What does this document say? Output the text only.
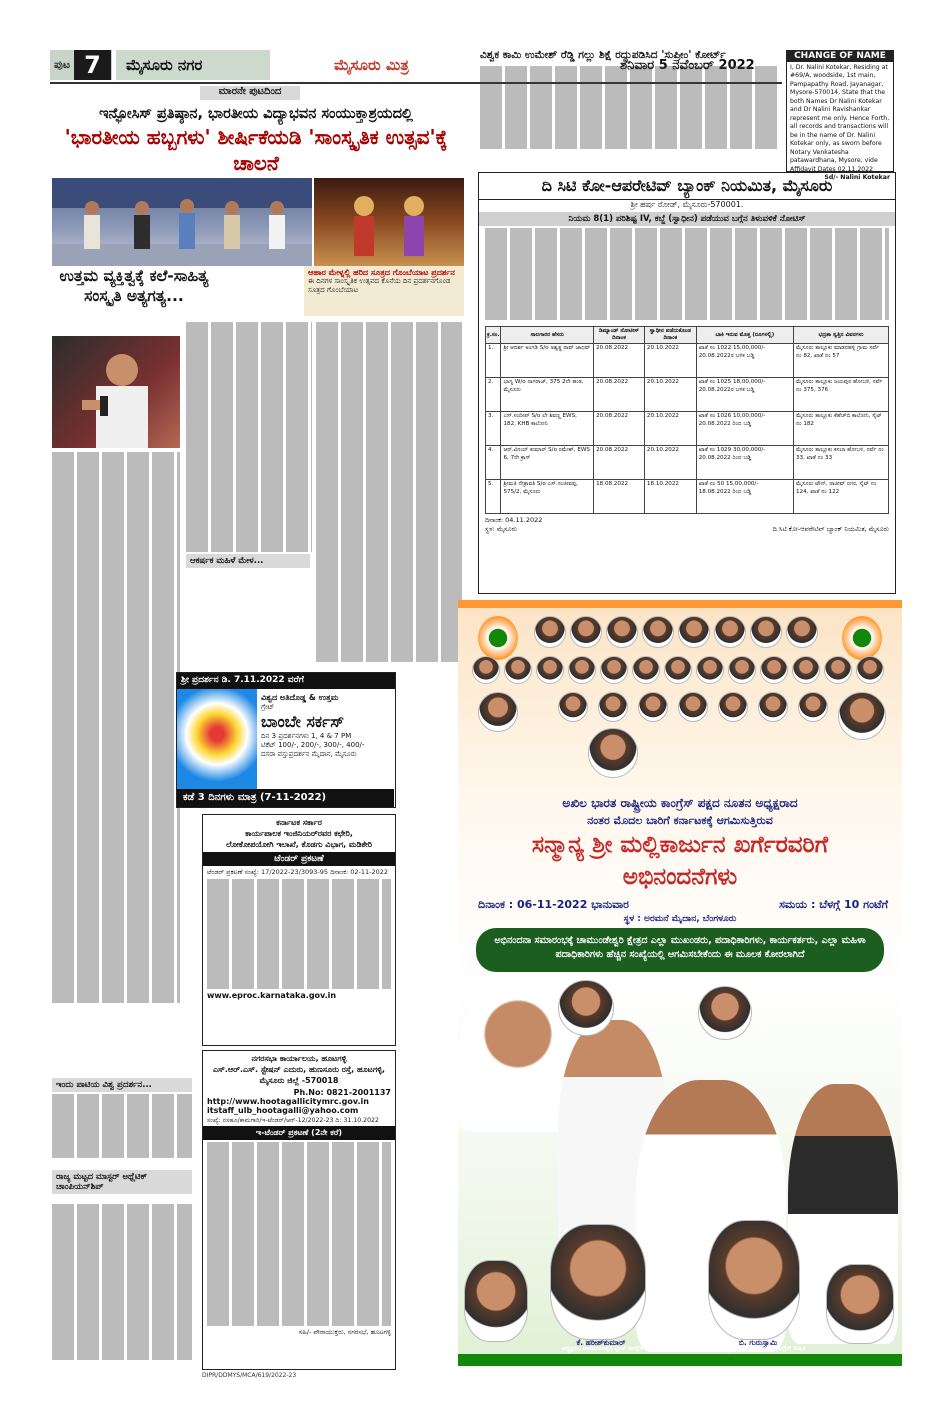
ಪುಟ 7	ಮೈಸೂರು ನಗರ	ಮೈಸೂರು ಮಿತ್ರ	ಶನಿವಾರ 5 ನವೆಂಬರ್ 2022
CHANGE OF NAME
I, Dr. Nalini Kotekar, Residing at #69/A, woodside, 1st main, Pampapathy Road, Jayanagar, Mysore-570014, State that the both Names Dr Nalini Kotekar and Dr Nalini Ravishankar represent me only. Hence Forth, all records and transactions will be in the name of Dr. Nalini Kotekar only, as sworn before Notary Venkatesha patawardhana, Mysore, vide Affidavit Dates 02.11.2022
Sd/- Nalini Kotekar
ಮಾರನೇ ಪುಟದಿಂದ
ಇನ್ಫೋಸಿಸ್ ಪ್ರತಿಷ್ಠಾನ, ಭಾರತೀಯ ವಿದ್ಯಾಭವನ ಸಂಯುಕ್ತಾಶ್ರಯದಲ್ಲಿ
'ಭಾರತೀಯ ಹಬ್ಬಗಳು' ಶೀರ್ಷಿಕೆಯಡಿ 'ಸಾಂಸ್ಕೃತಿಕ ಉತ್ಸವ'ಕ್ಕೆ ಚಾಲನೆ
ಆಹಾರ ಮೇಳ್ನಲ್ಲಿ ಹರಿದ ಸೂತ್ರದ ಗೊಂಬೆಯಾಟ ಪ್ರದರ್ಶನ
ಈ ದಿನಗಳ ಸಾಂಸ್ಕೃತಿಕ ಉತ್ಸವದ ಕೊನೆಯ ದಿನ ಪ್ರದರ್ಶನಗೊಂಡ ಸೂತ್ರದ ಗೊಂಬೆಯಾಟ
ಉತ್ತಮ ವ್ಯಕ್ತಿತ್ವಕ್ಕೆ ಕಲೆ-ಸಾಹಿತ್ಯ ಸಂಸ್ಕೃತಿ ಅತ್ಯಗತ್ಯ...
ಆಕರ್ಷಕ ಮಹಿಳೆ ಮೇಳ...
ಇಂದು ಪಾಟಿಯ ವಿಶ್ವ ಪ್ರದರ್ಶನ...
ರಾಜ್ಯ ಮಟ್ಟದ ಮಾಸ್ಟರ್ ಅಥ್ಲೆಟಿಕ್ ಚಾಂಪಿಯನ್‌ಶಿಪ್
ಶ್ರೀ ಪ್ರದರ್ಶನ ಡಿ. 7.11.2022 ವರೆಗೆ
ವಿಶ್ವದ ಅತಿದೊಡ್ಡ & ಉತ್ತಮ
ಗ್ರೇಟ್
ಬಾಂಬೇ ಸರ್ಕಸ್
ದಿನ 3 ಪ್ರದರ್ಶನಗಳು 1, 4 & 7 PM
ಟಿಕೆಟ್ 100/-, 200/-, 300/-, 400/-
ದಸರಾ ವಸ್ತುಪ್ರದರ್ಶನ ಮೈದಾನ, ಮೈಸೂರು
ಕಡೆ 3 ದಿನಗಳು ಮಾತ್ರ (7-11-2022)
ಕರ್ನಾಟಕ ಸರ್ಕಾರ
ಕಾರ್ಯಪಾಲಕ ಇಂಜಿನಿಯರ್‌ರವರ ಕಛೇರಿ,
ಲೋಕೋಪಯೋಗಿ ಇಲಾಖೆ, ಕೊಡಗು ವಿಭಾಗ, ಮಡಿಕೇರಿ
ಟೆಂಡರ್ ಪ್ರಕಟಣೆ
ಟೆಂಡರ್ ಪ್ರಕಟಣೆ ಸಂಖ್ಯೆ: 17/2022-23/3093-95 ದಿನಾಂಕ: 02-11-2022
www.eproc.karnataka.gov.in
ನಗರಸಭಾ ಕಾರ್ಯಾಲಯ, ಹೂಟಗಳ್ಳಿ
ಎಸ್.ಆರ್.ಎಸ್. ಸ್ಟೇಷನ್ ಎದುರು, ಹುಣಸೂರು ರಸ್ತೆ, ಹೂಟಗಳ್ಳಿ, ಮೈಸೂರು ಜಿಲ್ಲೆ -570018
Ph.No: 0821-2001137
http://www.hootagallicitymrc.gov.in
itstaff_ulb_hootagalli@yahoo.com
ಸಂಖ್ಯೆ: ನಸಹೂ/ಕಾಮಗಾರಿ/ಇ-ಟೆಂಡರ್/ಆರ್-12/2022-23 ದಿ: 31.10.2022
ಇ-ಟೆಂಡರ್ ಪ್ರಕಟಣೆ (2ನೇ ಕರೆ)
ಸಹಿ/- ಪೌರಾಯುಕ್ತರು, ನಗರಸಭೆ, ಹೂಟಗಳ್ಳಿ
DIPR/DDMYS/MCA/619/2022-23
ವಿಶ್ವಕ ಕಾಮಿ ಉಮೇಶ್ ರೆಡ್ಡಿ ಗಲ್ಲು ಶಿಕ್ಷೆ ರದ್ದುಪಡಿಸಿದ 'ಸುಪ್ರೀಂ' ಕೋರ್ಟ್
ದಿ ಸಿಟಿ ಕೋ-ಆಪರೇಟಿವ್ ಬ್ಯಾಂಕ್ ನಿಯಮಿತ, ಮೈಸೂರು
ಶ್ರೀ ಹರ್ಷ ರೋಡ್, ಮೈಸೂರು-570001.
ನಿಯಮ 8(1) ಪರಿಶಿಷ್ಟ IV, ಕಬ್ಜೆ (ಸ್ವಾಧೀನ) ಪಡೆಯುವ ಬಗ್ಗೆನ ತಿಳುವಳಿಕೆ ನೋಟಿಸ್
ಕ್ರ.ಸಂ.	ಸಾಲಗಾರರ ಹೆಸರು	ಡಿಮ್ಯಾಂಡ್ ನೋಟೀಸ್ ದಿನಾಂಕ	ಸ್ವಾಧೀನ ಪಡೆದುಕೊಂಡ ದಿನಾಂಕ	ಬಾಕಿ ಇರುವ ಮೊತ್ತ (ರೂಗಳಲ್ಲಿ)	ಭದ್ರತಾ ಸ್ವತ್ತಿನ ವಿವರಗಳು
1.	ಶ್ರೀ ಆದರ್ಶ ಅಂಗಡಿ S/o ಅಶ್ವತ್ಥ ರಾವ್ ಜಾಧವ್	20.08.2022	20.10.2022	ಖಾತೆ ಸಂ 1022 15,00,000/- 20.08.2022ರ ಬಳಿಕ ಬಡ್ಡಿ	ಮೈಸೂರು ತಾಲ್ಲೂಕು ಮಾಡನಹಳ್ಳಿ ಗ್ರಾಮ ಸರ್ವೆ ನಂ 82, ಖಾತೆ ನಂ 57
2.	ಭಾಗ್ಯ W/o ನಾಗರಾಜ್, 375 2ನೇ ಹಂತ, ಮೈಸೂರು	20.08.2022	20.10.2022	ಖಾತೆ ಸಂ 1025 18,00,000/- 20.08.2022ರ ಬಳಿಕ ಬಡ್ಡಿ	ಮೈಸೂರು ತಾಲ್ಲೂಕು ಜಯಪುರ ಹೋಬಳಿ, ಸರ್ವೆ ನಂ 375, 376
3.	ಎಸ್.ಸಂದೀಪ್ S/o ಲೇ ಶಿವಣ್ಣ EWS, 182, KHB ಕಾಲೋನಿ	20.08.2022	20.10.2022	ಖಾತೆ ಸಂ 1026 10,00,000/- 20.08.2022 ರಿಂದ ಬಡ್ಡಿ	ಮೈಸೂರು ತಾಲ್ಲೂಕು ಕೆಹೆಚ್‌ಬಿ ಕಾಲೋನಿ, ಸೈಟ್ ನಂ 182
4.	ಆರ್.ವಿನಯ್ ಕುಮಾರ್ S/o ರಮೇಶ್, EWS 6, 7ನೇ ಕ್ರಾಸ್	20.08.2022	20.10.2022	ಖಾತೆ ಸಂ 1029 30,00,000/- 20.08.2022 ರಿಂದ ಬಡ್ಡಿ	ಮೈಸೂರು ತಾಲ್ಲೂಕು ಕಸಬಾ ಹೋಬಳಿ, ಸರ್ವೆ ನಂ 33, ಖಾತೆ ನಂ 33
5.	ಶ್ರೀಮತಿ ನೇತ್ರಾವತಿ S/o ಎಸ್.ಸಂಜೀವಪ್ಪ, 575/2, ಮೈಸೂರು	18.08.2022	18.10.2022	ಖಾತೆ ನಂ 50 15,00,000/- 18.08.2022 ರಿಂದ ಬಡ್ಡಿ	ಮೈಸೂರು ಟೌನ್, ರಾಜೀವ್ ನಗರ, ಸೈಟ್ ನಂ 124, ಖಾತೆ ನಂ 122
ದಿನಾಂಕ: 04.11.2022
ಸ್ಥಳ: ಮೈಸೂರು	ದಿ ಸಿಟಿ ಕೋ-ಆಪರೇಟಿವ್ ಬ್ಯಾಂಕ್ ನಿಯಮಿತ, ಮೈಸೂರು
ಅಖಿಲ ಭಾರತ ರಾಷ್ಟ್ರೀಯ ಕಾಂಗ್ರೆಸ್ ಪಕ್ಷದ ನೂತನ ಅಧ್ಯಕ್ಷರಾದ
ನಂತರ ಮೊದಲ ಬಾರಿಗೆ ಕರ್ನಾಟಕಕ್ಕೆ ಆಗಮಿಸುತ್ತಿರುವ
ಸನ್ಮಾನ್ಯ ಶ್ರೀ ಮಲ್ಲಿಕಾರ್ಜುನ ಖರ್ಗೆರವರಿಗೆ
ಅಭಿನಂದನೆಗಳು
ದಿನಾಂಕ : 06-11-2022 ಭಾನುವಾರ	ಸಮಯ : ಬೆಳಗ್ಗೆ 10 ಗಂಟೆಗೆ
ಸ್ಥಳ : ಅರಮನೆ ಮೈದಾನ, ಬೆಂಗಳೂರು
ಅಭಿನಂದನಾ ಸಮಾರಂಭಕ್ಕೆ ಚಾಮುಂಡೇಶ್ವರಿ ಕ್ಷೇತ್ರದ ಎಲ್ಲಾ ಮುಖಂಡರು, ಪದಾಧಿಕಾರಿಗಳು, ಕಾರ್ಯಕರ್ತರು, ಎಲ್ಲಾ ಮಹಿಳಾ ಪದಾಧಿಕಾರಿಗಳು ಹೆಚ್ಚಿನ ಸಂಖ್ಯೆಯಲ್ಲಿ ಆಗಮಿಸಬೇಕೆಂದು ಈ ಮೂಲಕ ಕೋರಲಾಗಿದೆ
ಕೆ. ಹರೀಶ್‌ಕುಮಾರ್	ಬಿ. ಗುರುಸ್ವಾಮಿ
ಅಧ್ಯಕ್ಷರು, ಚಾಮುಂಡೇಶ್ವರಿ ಬ್ಲಾಕ್ ಕಾಂಗ್ರೆಸ್	ಅಧ್ಯಕ್ಷರು, ಇಲವಾಲ ಬ್ಲಾಕ್ ಕಾಂಗ್ರೆಸ್ ಸಮಿತಿ
